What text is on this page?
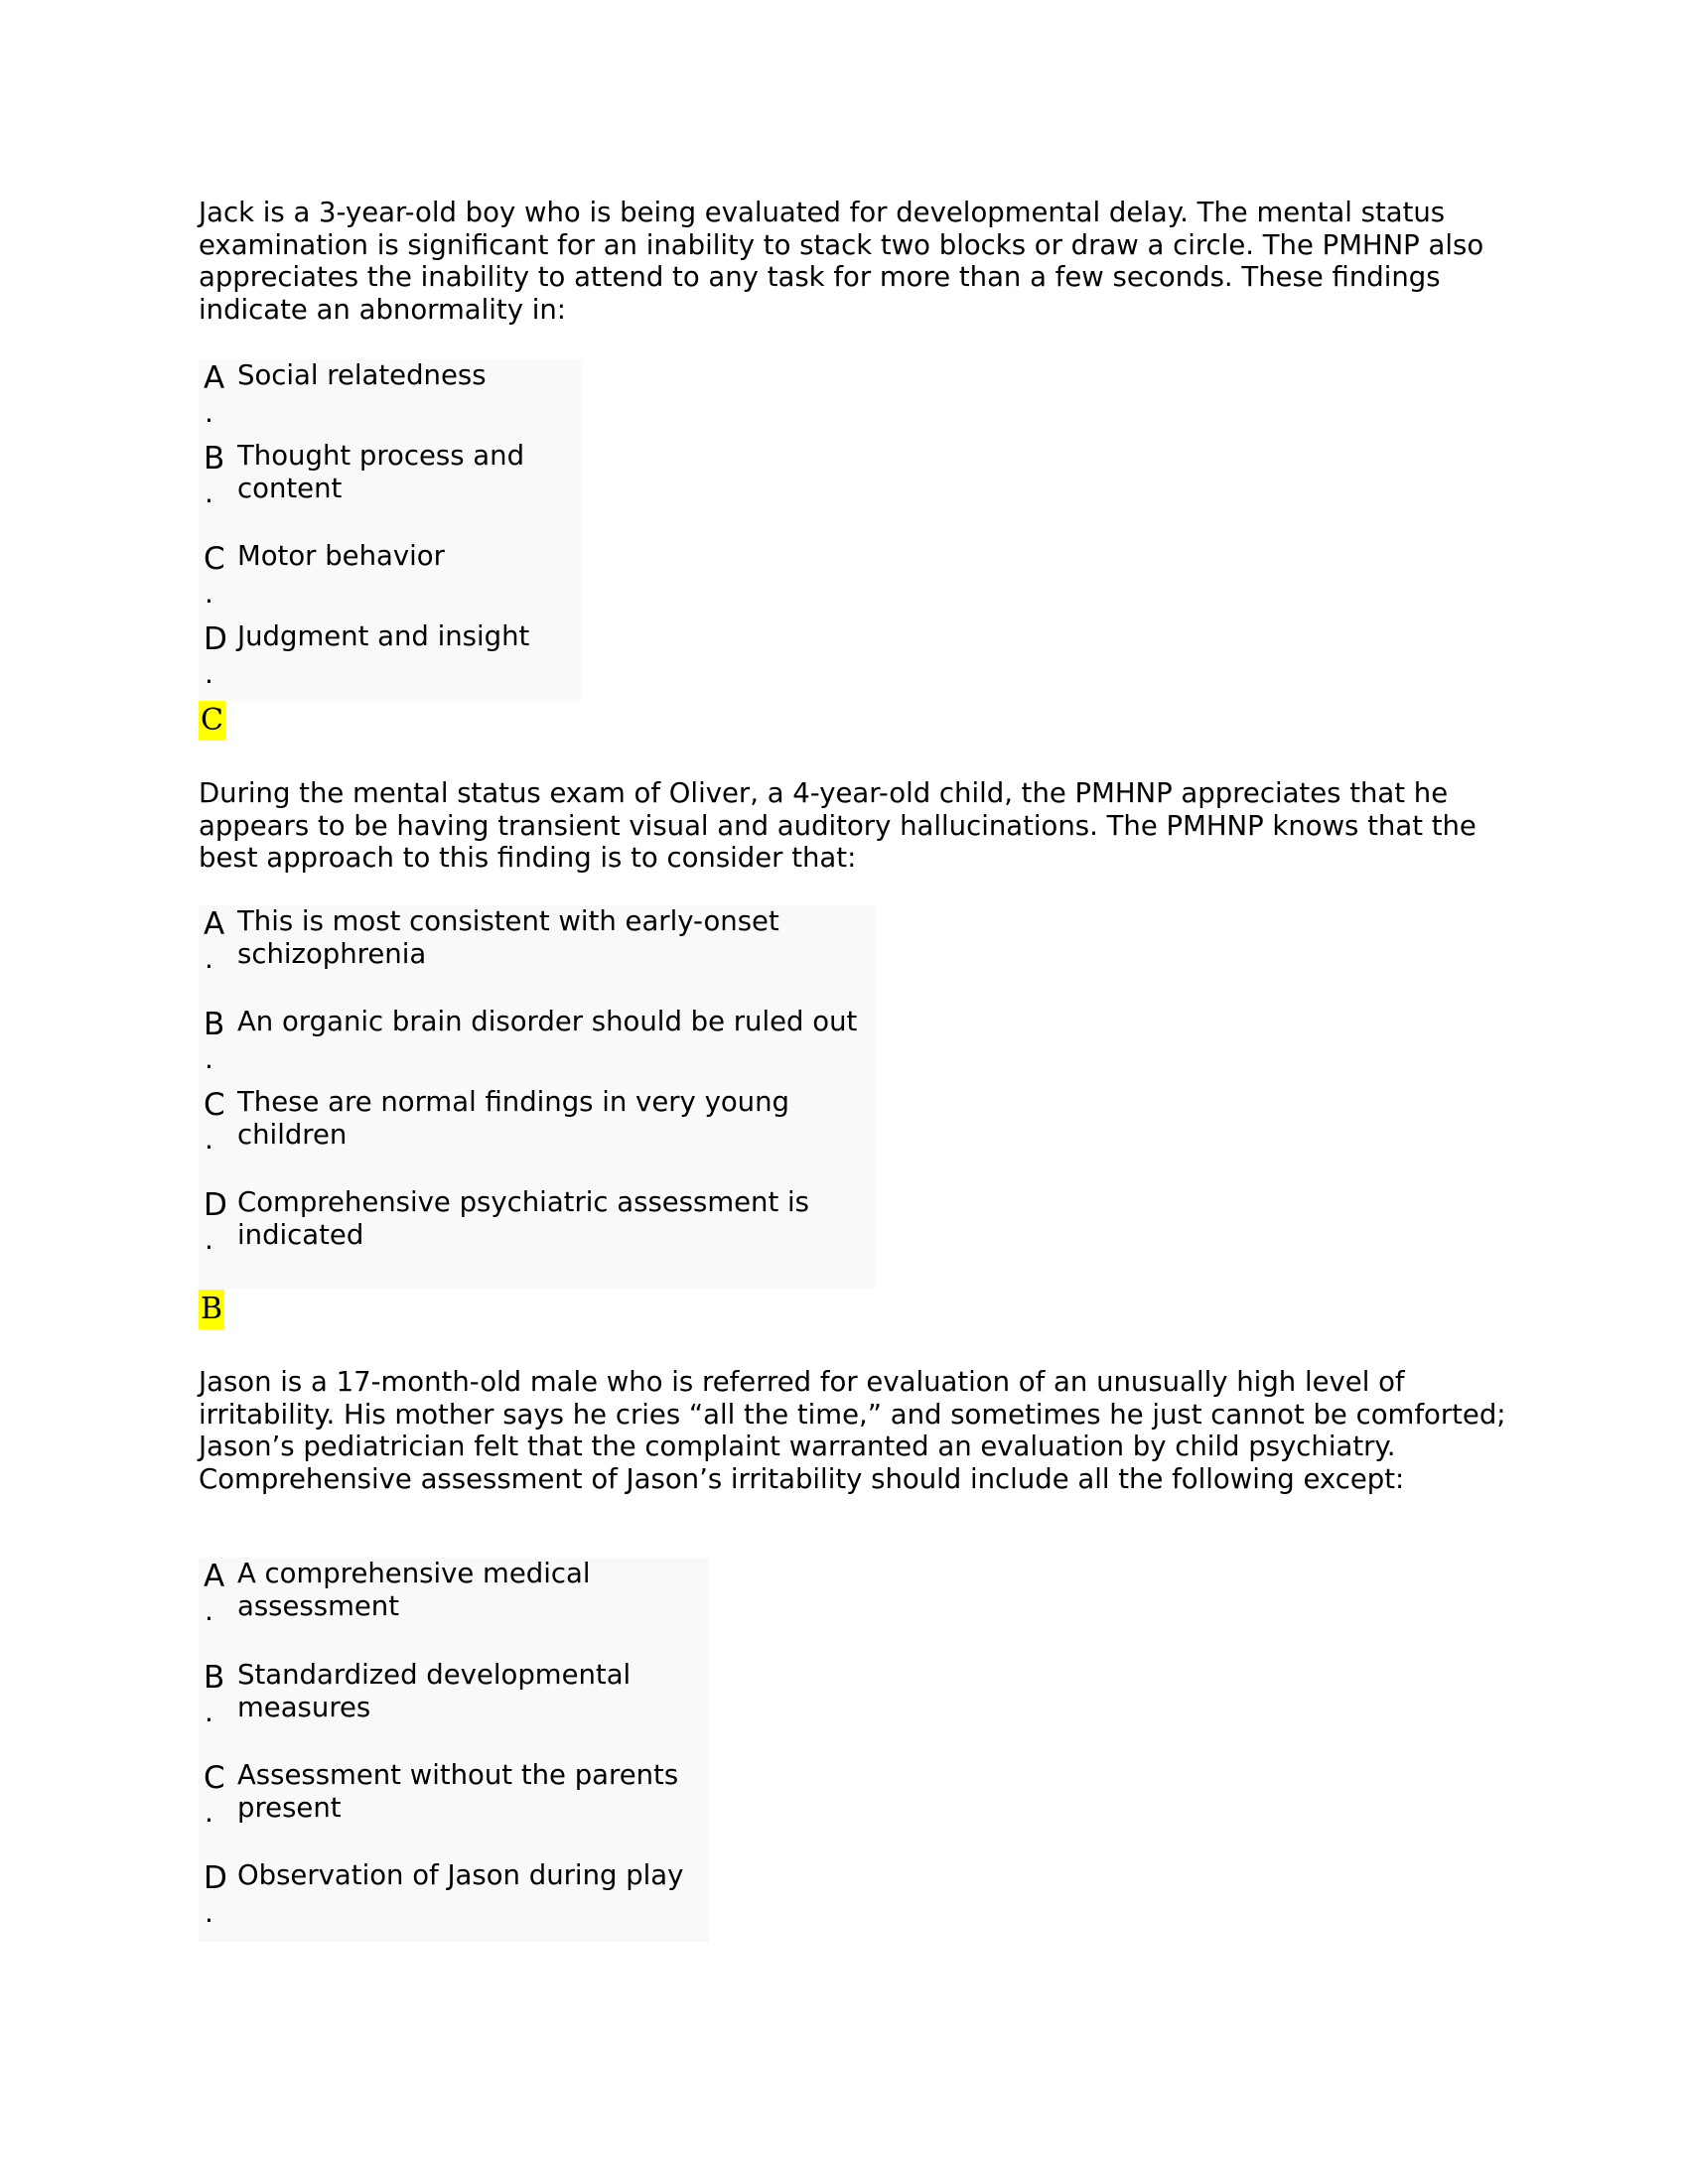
Jack is a 3-year-old boy who is being evaluated for developmental delay. The mental status examination is significant for an inability to stack two blocks or draw a circle. The PMHNP also appreciates the inability to attend to any task for more than a few seconds. These findings indicate an abnormality in:

A
.
Social relatedness
B
.
Thought process and content
C
.
Motor behavior
D
.
Judgment and insight
C

During the mental status exam of Oliver, a 4-year-old child, the PMHNP appreciates that he appears to be having transient visual and auditory hallucinations. The PMHNP knows that the best approach to this finding is to consider that:

A
.
This is most consistent with early-onset schizophrenia
B
.
An organic brain disorder should be ruled out
C
.
These are normal findings in very young children
D
.
Comprehensive psychiatric assessment is indicated
B

Jason is a 17-month-old male who is referred for evaluation of an unusually high level of irritability. His mother says he cries “all the time,” and sometimes he just cannot be comforted; Jason’s pediatrician felt that the complaint warranted an evaluation by child psychiatry. Comprehensive assessment of Jason’s irritability should include all the following except:

A
.
A comprehensive medical assessment
B
.
Standardized developmental measures
C
.
Assessment without the parents present
D
.
Observation of Jason during play
